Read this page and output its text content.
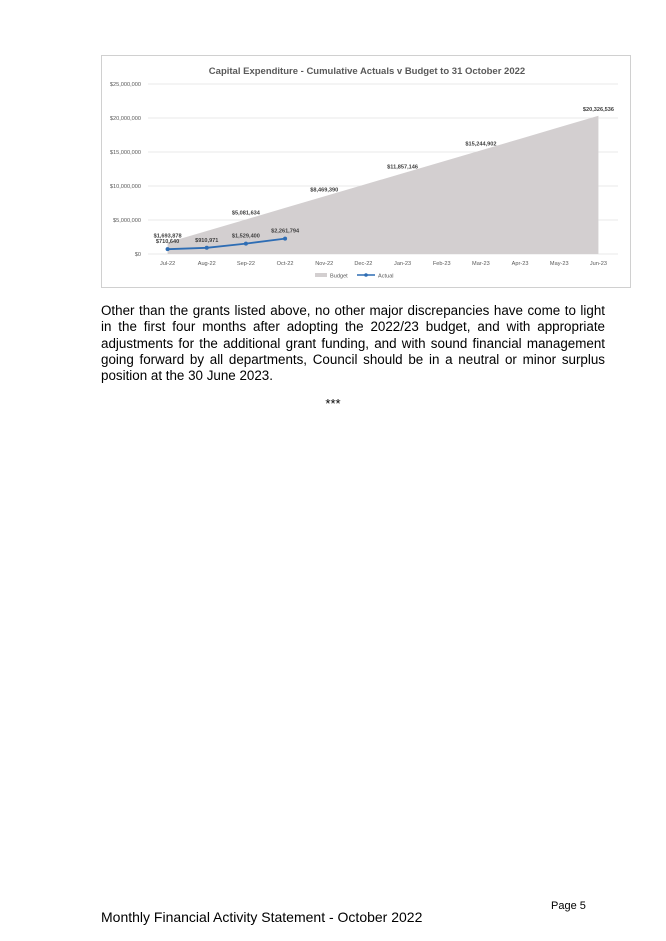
Capital Expenditure - Cumulative Actuals v Budget to 31 October 2022
$0
$5,000,000
$10,000,000
$15,000,000
$20,000,000
$25,000,000
$1,693,878
$5,081,634
$8,469,390
$11,857,146
$15,244,902
$20,326,536
$710,640	$910,971
$1,529,400
$2,261,794
Jul-22	Aug-22	Sep-22	Oct-22	Nov-22	Dec-22	Jan-23	Feb-23	Mar-23	Apr-23	May-23	Jun-23
Budget	Actual
Other than the grants listed above, no other major discrepancies have come to light in the first four months after adopting the 2022/23 budget, and with appropriate adjustments for the additional grant funding, and with sound financial management going forward by all departments, Council should be in a neutral or minor surplus position at the 30 June 2023.
***
Page 5
Monthly Financial Activity Statement - October 2022
